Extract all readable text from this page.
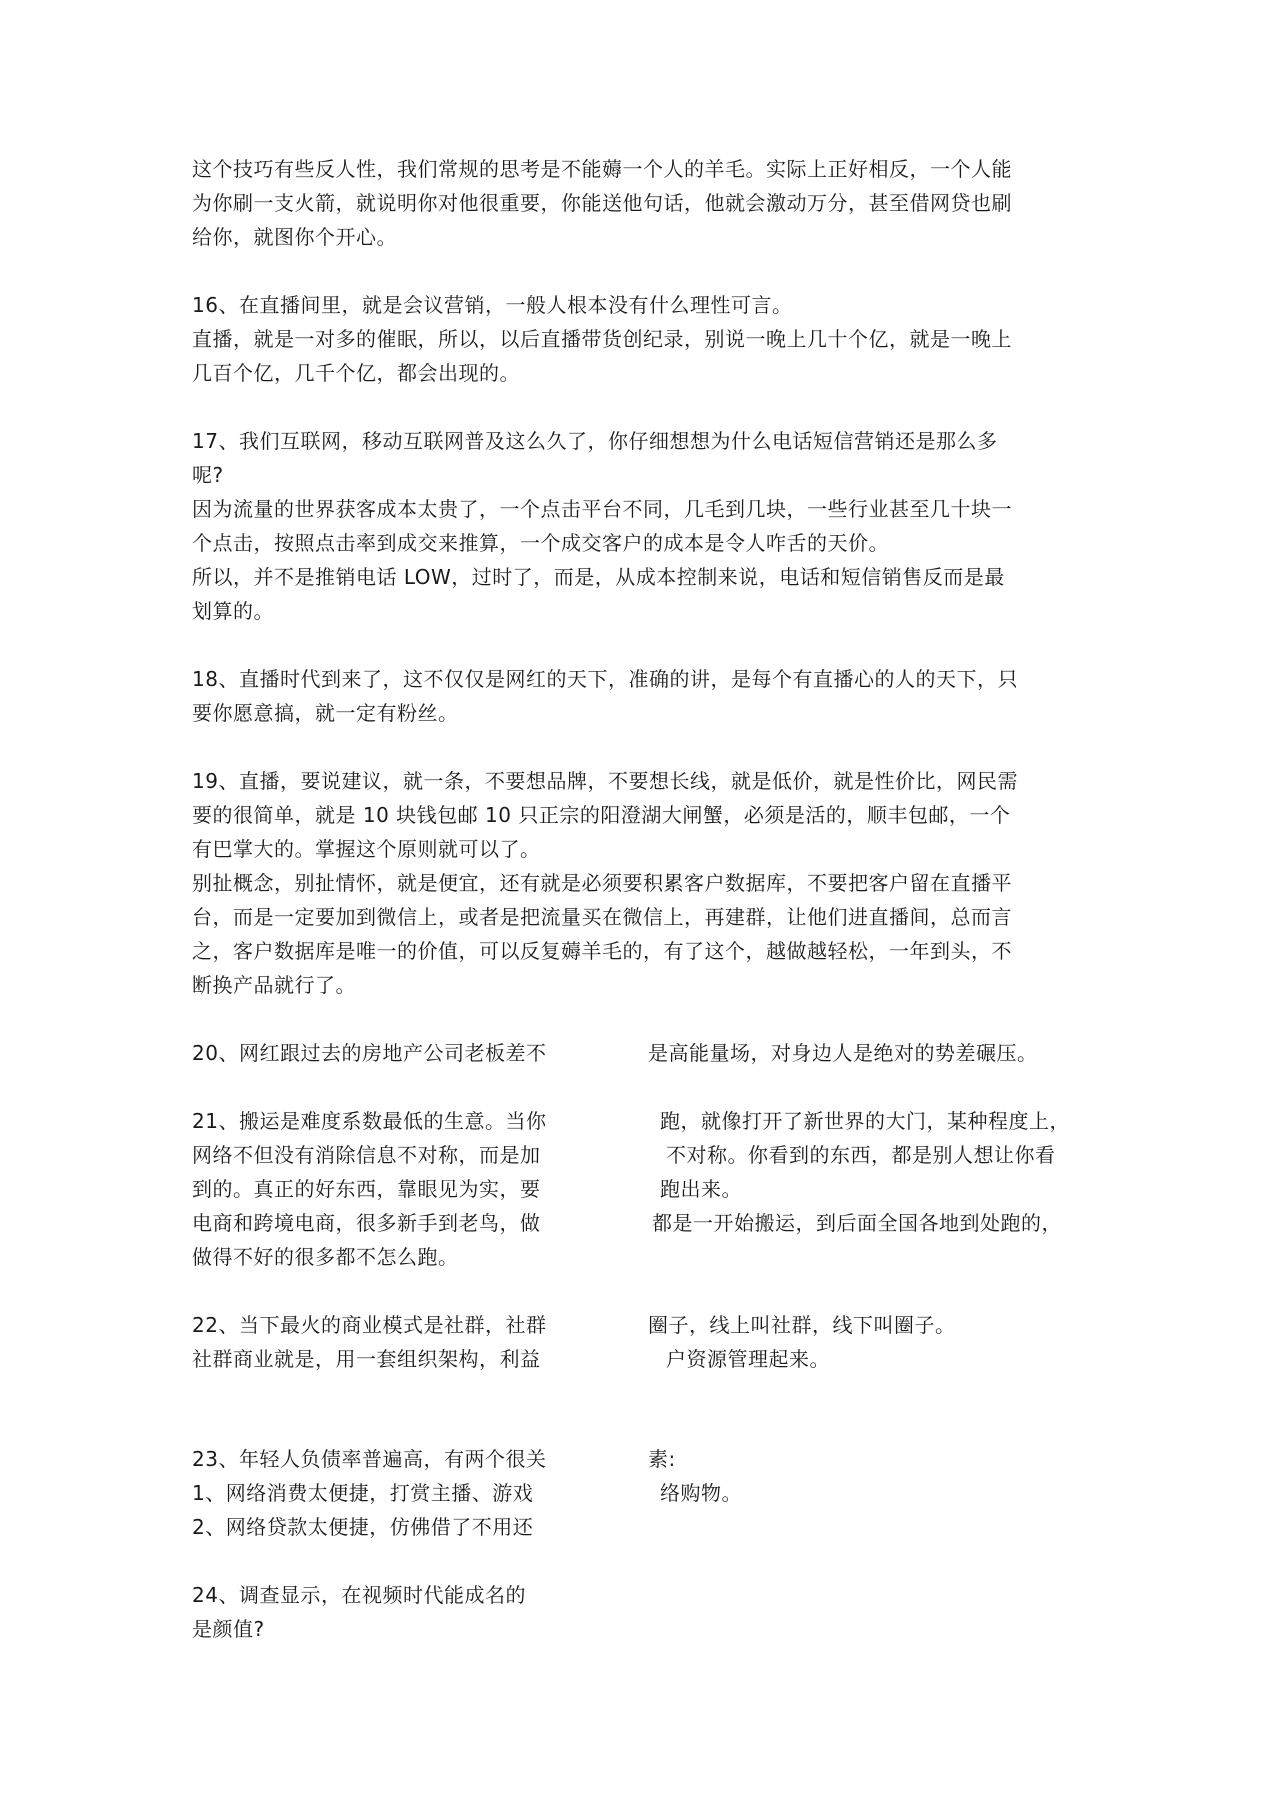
这个技巧有些反人性，我们常规的思考是不能薅一个人的羊毛。实际上正好相反，一个人能
为你刷一支火箭，就说明你对他很重要，你能送他句话，他就会激动万分，甚至借网贷也刷
给你，就图你个开心。
16、在直播间里，就是会议营销，一般人根本没有什么理性可言。
直播，就是一对多的催眠，所以，以后直播带货创纪录，别说一晚上几十个亿，就是一晚上
几百个亿，几千个亿，都会出现的。
17、我们互联网，移动互联网普及这么久了，你仔细想想为什么电话短信营销还是那么多
呢?
因为流量的世界获客成本太贵了，一个点击平台不同，几毛到几块，一些行业甚至几十块一
个点击，按照点击率到成交来推算，一个成交客户的成本是令人咋舌的天价。
所以，并不是推销电话 LOW，过时了，而是，从成本控制来说，电话和短信销售反而是最
划算的。
18、直播时代到来了，这不仅仅是网红的天下，准确的讲，是每个有直播心的人的天下，只
要你愿意搞，就一定有粉丝。
19、直播，要说建议，就一条，不要想品牌，不要想长线，就是低价，就是性价比，网民需
要的很简单，就是 10 块钱包邮 10 只正宗的阳澄湖大闸蟹，必须是活的，顺丰包邮，一个
有巴掌大的。掌握这个原则就可以了。
别扯概念，别扯情怀，就是便宜，还有就是必须要积累客户数据库，不要把客户留在直播平
台，而是一定要加到微信上，或者是把流量买在微信上，再建群，让他们进直播间，总而言
之，客户数据库是唯一的价值，可以反复薅羊毛的，有了这个，越做越轻松，一年到头，不
断换产品就行了。
20、网红跟过去的房地产公司老板差不	是高能量场，对身边人是绝对的势差碾压。
21、搬运是难度系数最低的生意。当你
网络不但没有消除信息不对称，而是加
到的。真正的好东西，靠眼见为实，要
电商和跨境电商，很多新手到老鸟，做
做得不好的很多都不怎么跑。
跑，就像打开了新世界的大门，某种程度上，
不对称。你看到的东西，都是别人想让你看
跑出来。
都是一开始搬运，到后面全国各地到处跑的，
22、当下最火的商业模式是社群，社群
社群商业就是，用一套组织架构，利益
圈子，线上叫社群，线下叫圈子。
户资源管理起来。
23、年轻人负债率普遍高，有两个很关
1、网络消费太便捷，打赏主播、游戏
2、网络贷款太便捷，仿佛借了不用还
素:
络购物。
24、调查显示，在视频时代能成名的
是颜值?
